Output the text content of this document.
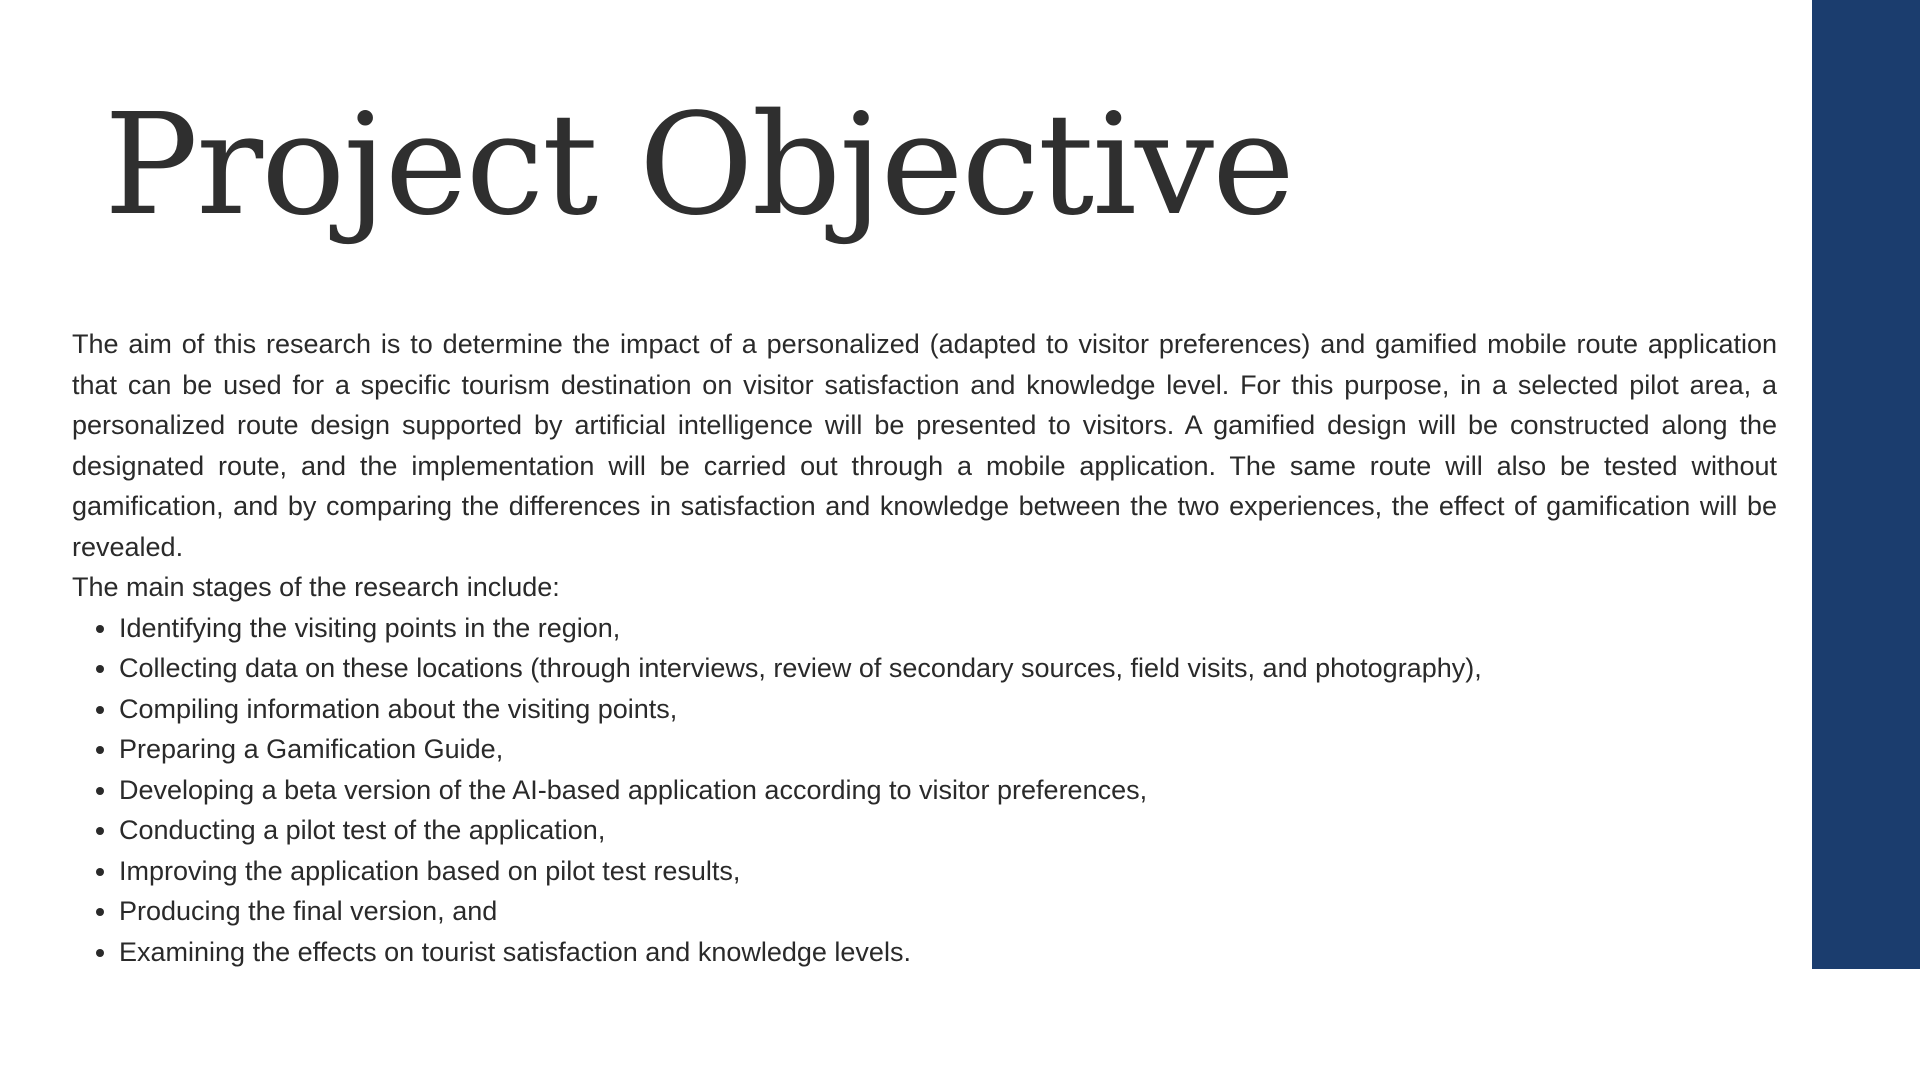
Project Objective

The aim of this research is to determine the impact of a personalized (adapted to visitor preferences) and gamified mobile route application that can be used for a specific tourism destination on visitor satisfaction and knowledge level. For this purpose, in a selected pilot area, a personalized route design supported by artificial intelligence will be presented to visitors. A gamified design will be constructed along the designated route, and the implementation will be carried out through a mobile application. The same route will also be tested without gamification, and by comparing the differences in satisfaction and knowledge between the two experiences, the effect of gamification will be revealed.

The main stages of the research include:

• Identifying the visiting points in the region,
• Collecting data on these locations (through interviews, review of secondary sources, field visits, and photography),
• Compiling information about the visiting points,
• Preparing a Gamification Guide,
• Developing a beta version of the AI-based application according to visitor preferences,
• Conducting a pilot test of the application,
• Improving the application based on pilot test results,
• Producing the final version, and
• Examining the effects on tourist satisfaction and knowledge levels.
